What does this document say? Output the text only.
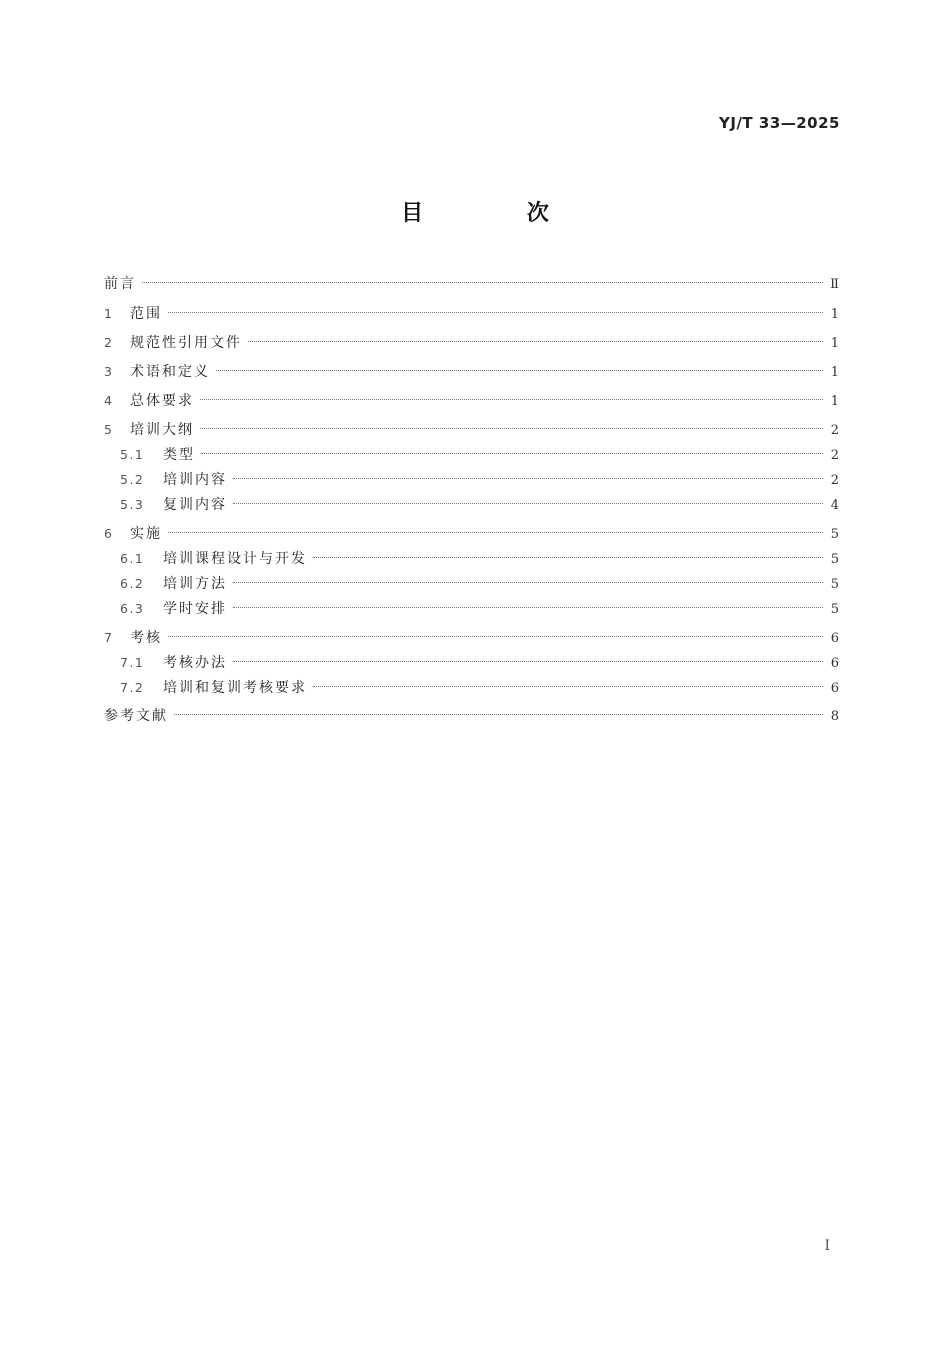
YJ/T 33—2025
目 次
前言	Ⅱ
1	范围	1
2	规范性引用文件	1
3	术语和定义	1
4	总体要求	1
5	培训大纲	2
5.1	类型	2
5.2	培训内容	2
5.3	复训内容	4
6	实施	5
6.1	培训课程设计与开发	5
6.2	培训方法	5
6.3	学时安排	5
7	考核	6
7.1	考核办法	6
7.2	培训和复训考核要求	6
参考文献	8
Ⅰ
